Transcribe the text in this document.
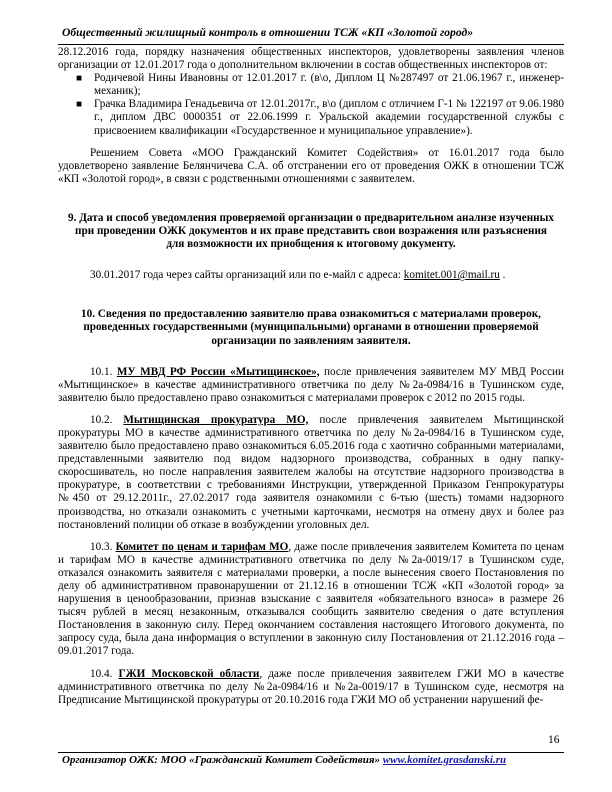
Общественный жилищный контроль в отношении ТСЖ «КП «Золотой город»

28.12.2016 года, порядку назначения общественных инспекторов, удовлетворены заявления членов организации от 12.01.2017 года о дополнительном включении в состав общественных инспекторов от:

■ Родичевой Нины Ивановны от 12.01.2017 г. (в\о, Диплом Ц №287497 от 21.06.1967 г., инженер-механик);
■ Грачка Владимира Генадьевича от 12.01.2017г., в\о (диплом с отличием Г-1 № 122197 от 9.06.1980 г., диплом ДВС 0000351 от 22.06.1999 г. Уральской академии государственной службы с присвоением квалификации «Государственное и муниципальное управление»).

Решением Совета «МОО Гражданский Комитет Содействия» от 16.01.2017 года было удовлетворено заявление Белянчичева С.А. об отстранении его от проведения ОЖК в отношении ТСЖ «КП «Золотой город», в связи с родственными отношениями с заявителем.

9. Дата и способ уведомления проверяемой организации о предварительном анализе изученных при проведении ОЖК документов и их праве представить свои возражения или разъяснения для возможности их приобщения к итоговому документу.

30.01.2017 года через сайты организаций или по е-майл с адреса: komitet.001@mail.ru .

10. Сведения по предоставлению заявителю права ознакомиться с материалами проверок, проведенных государственными (муниципальными) органами в отношении проверяемой организации по заявлениям заявителя.

10.1. МУ МВД РФ России «Мытищинское», после привлечения заявителем МУ МВД России «Мытищинское» в качестве административного ответчика по делу №2а-0984/16 в Тушинском суде, заявителю было предоставлено право ознакомиться с материалами проверок с 2012 по 2015 годы.

10.2. Мытищинская прокуратура МО, после привлечения заявителем Мытищинской прокуратуры МО в качестве административного ответчика по делу №2а-0984/16 в Тушинском суде, заявителю было предоставлено право ознакомиться 6.05.2016 года с хаотично собранными материалами, представленными заявителю под видом надзорного производства, собранных в одну папку-скоросшиватель, но после направления заявителем жалобы на отсутствие надзорного производства в прокуратуре, в соответствии с требованиями Инструкции, утвержденной Приказом Генпрокуратуры №450 от 29.12.2011г., 27.02.2017 года заявителя ознакомили с 6-тью (шесть) томами надзорного производства, но отказали ознакомить с учетными карточками, несмотря на отмену двух и более раз постановлений полиции об отказе в возбуждении уголовных дел.

10.3. Комитет по ценам и тарифам МО, даже после привлечения заявителем Комитета по ценам и тарифам МО в качестве административного ответчика по делу №2а-0019/17 в Тушинском суде, отказался ознакомить заявителя с материалами проверки, а после вынесения своего Постановления по делу об административном правонарушении от 21.12.16 в отношении ТСЖ «КП «Золотой город» за нарушения в ценообразовании, признав взыскание с заявителя «обязательного взноса» в размере 26 тысяч рублей в месяц незаконным, отказывался сообщить заявителю сведения о дате вступления Постановления в законную силу. Перед окончанием составления настоящего Итогового документа, по запросу суда, была дана информация о вступлении в законную силу Постановления от 21.12.2016 года – 09.01.2017 года.

10.4. ГЖИ Московской области, даже после привлечения заявителем ГЖИ МО в качестве административного ответчика по делу №2а-0984/16 и №2а-0019/17 в Тушинском суде, несмотря на Предписание Мытищинской прокуратуры от 20.10.2016 года ГЖИ МО об устранении нарушений фе-

16
Организатор ОЖК: МОО «Гражданский Комитет Содействия» www.komitet.grasdanski.ru
